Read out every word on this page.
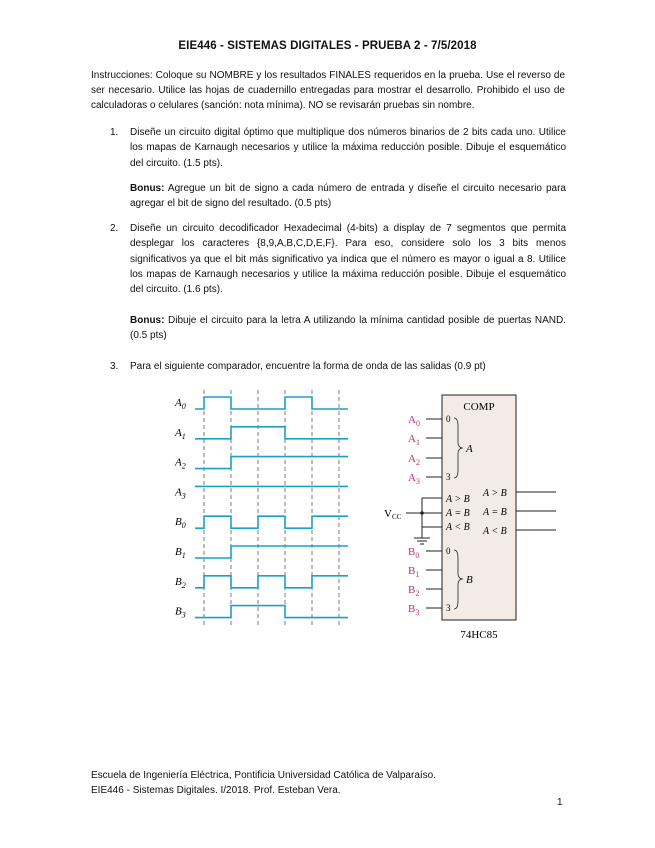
EIE446 - SISTEMAS DIGITALES - PRUEBA 2 - 7/5/2018
Instrucciones: Coloque su NOMBRE y los resultados FINALES requeridos en la prueba. Use el reverso de ser necesario. Utilice las hojas de cuadernillo entregadas para mostrar el desarrollo. Prohibido el uso de calculadoras o celulares (sanción: nota mínima). NO se revisarán pruebas sin nombre.
1. Diseñe un circuito digital óptimo que multiplique dos números binarios de 2 bits cada uno. Utilice los mapas de Karnaugh necesarios y utilice la máxima reducción posible. Dibuje el esquemático del circuito. (1.5 pts).
Bonus: Agregue un bit de signo a cada número de entrada y diseñe el circuito necesario para agregar el bit de signo del resultado. (0.5 pts)
2. Diseñe un circuito decodificador Hexadecimal (4-bits) a display de 7 segmentos que permita desplegar los caracteres {8,9,A,B,C,D,E,F}. Para eso, considere solo los 3 bits menos significativos ya que el bit más significativo ya indica que el número es mayor o igual a 8. Utilice los mapas de Karnaugh necesarios y utilice la máxima reducción posible. Dibuje el esquemático del circuito. (1.6 pts).
Bonus: Dibuje el circuito para la letra A utilizando la mínima cantidad posible de puertas NAND. (0.5 pts)
3. Para el siguiente comparador, encuentre la forma de onda de las salidas (0.9 pt)
$A_0$
$A_1$
$A_2$
$A_3$
$B_0$
$B_1$
$B_2$
$B_3$
COMP
$A_0$
$A_1$
$A_2$
$A_3$
0
3
A
VCC
A > B
A = B
A < B
A > B
A = B
A < B
$B_0$
$B_1$
$B_2$
$B_3$
0
3
B
74HC85
Escuela de Ingeniería Eléctrica, Pontificia Universidad Católica de Valparaíso.
EIE446 - Sistemas Digitales. I/2018. Prof. Esteban Vera.
1
